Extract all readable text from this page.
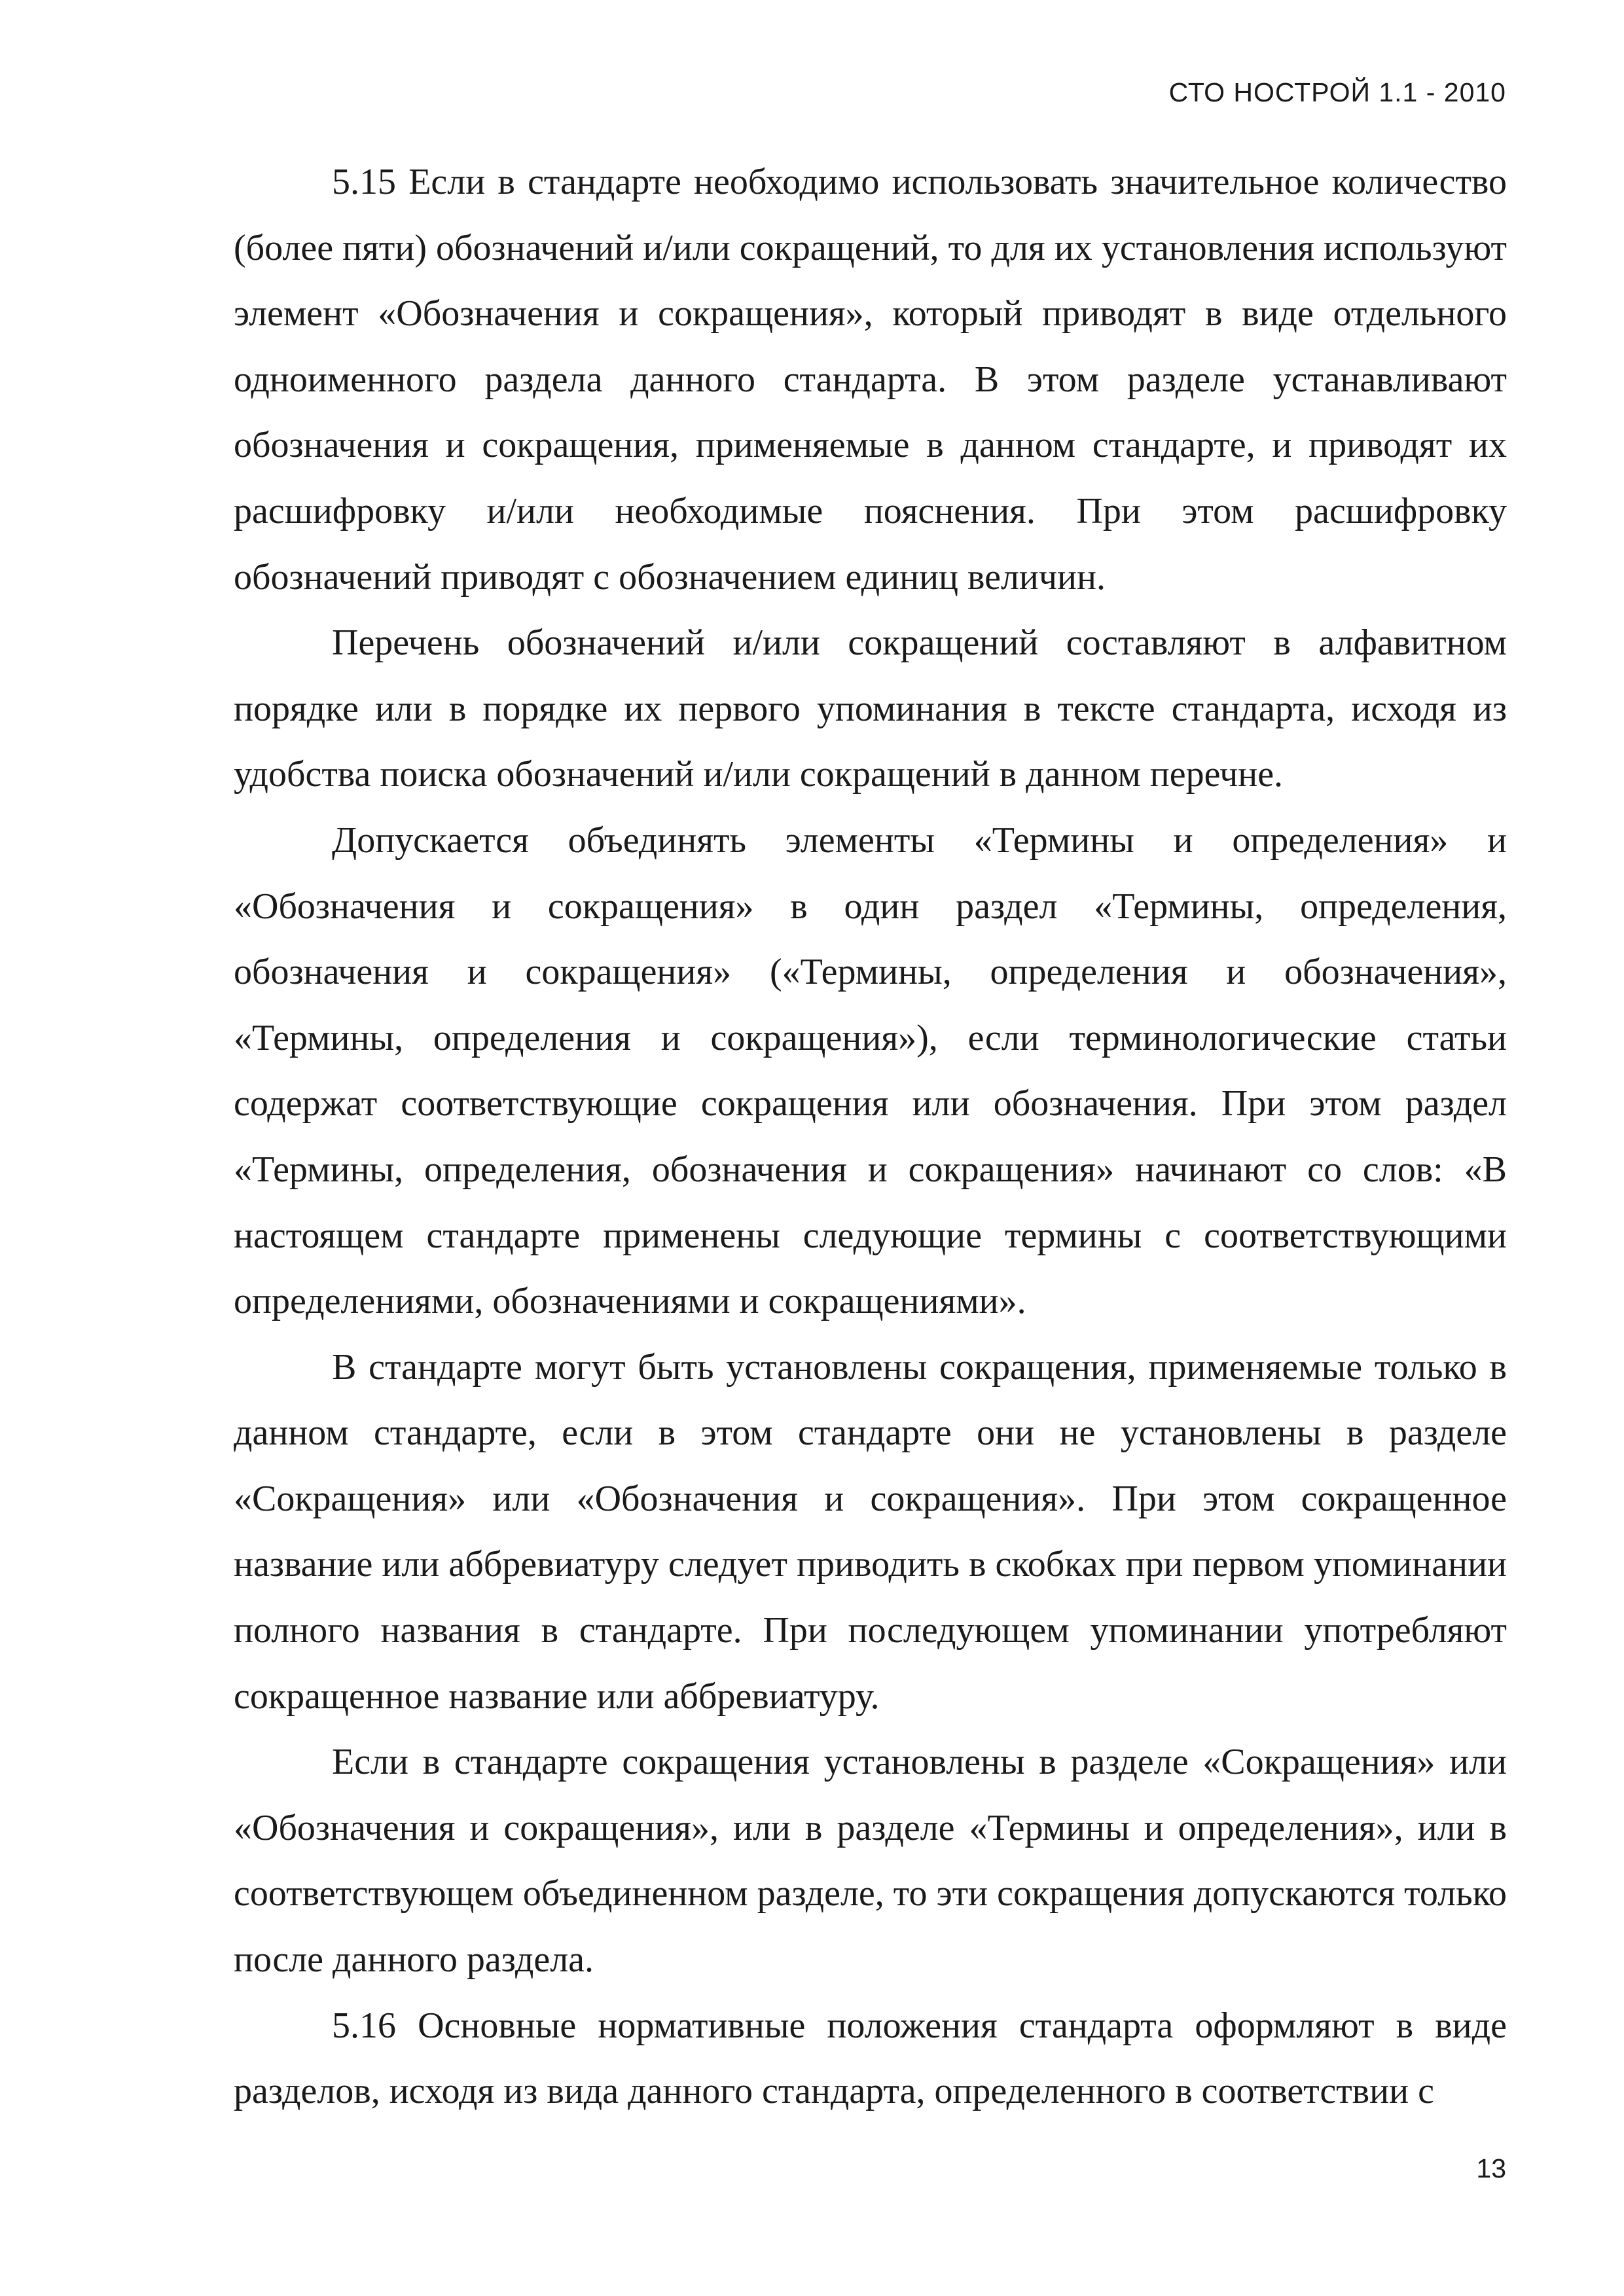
СТО НОСТРОЙ 1.1 - 2010

5.15 Если в стандарте необходимо использовать значительное количество (более пяти) обозначений и/или сокращений, то для их установления используют элемент «Обозначения и сокращения», который приводят в виде отдельного одноименного раздела данного стандарта. В этом разделе устанавливают обозначения и сокращения, применяемые в данном стандарте, и приводят их расшифровку и/или необходимые пояснения. При этом расшифровку обозначений приводят с обозначением единиц величин.

Перечень обозначений и/или сокращений составляют в алфавитном порядке или в порядке их первого упоминания в тексте стандарта, исходя из удобства поиска обозначений и/или сокращений в данном перечне.

Допускается объединять элементы «Термины и определения» и «Обозначения и сокращения» в один раздел «Термины, определения, обозначения и сокращения» («Термины, определения и обозначения», «Термины, определения и сокращения»), если терминологические статьи содержат соответствующие сокращения или обозначения. При этом раздел «Термины, определения, обозначения и сокращения» начинают со слов: «В настоящем стандарте применены следующие термины с соответствующими определениями, обозначениями и сокращениями».

В стандарте могут быть установлены сокращения, применяемые только в данном стандарте, если в этом стандарте они не установлены в разделе «Сокращения» или «Обозначения и сокращения». При этом сокращенное название или аббревиатуру следует приводить в скобках при первом упоминании полного названия в стандарте. При последующем упоминании употребляют сокращенное название или аббревиатуру.

Если в стандарте сокращения установлены в разделе «Сокращения» или «Обозначения и сокращения», или в разделе «Термины и определения», или в соответствующем объединенном разделе, то эти сокращения допускаются только после данного раздела.

5.16 Основные нормативные положения стандарта оформляют в виде разделов, исходя из вида данного стандарта, определенного в соответствии с

13
